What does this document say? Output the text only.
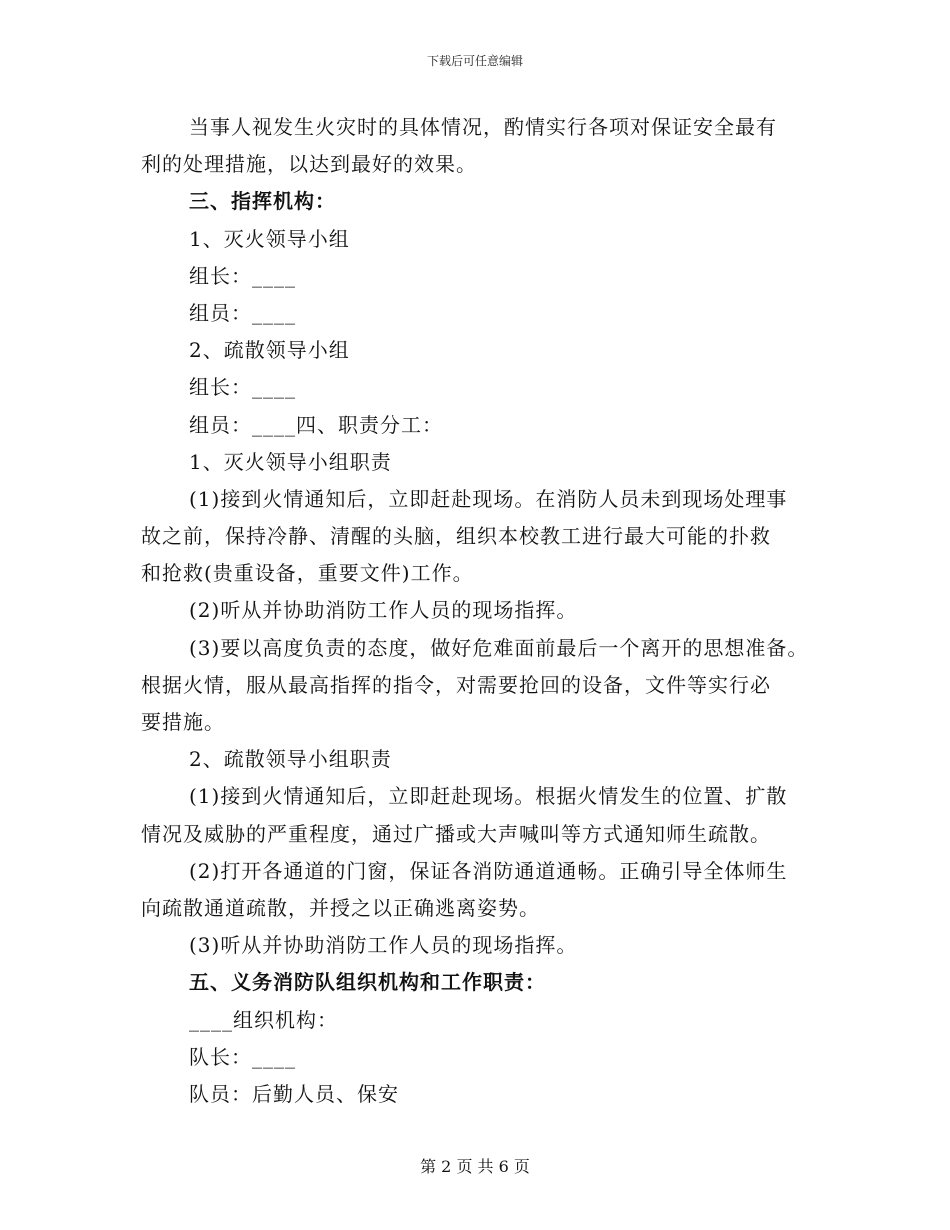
下载后可任意编辑
当事人视发生火灾时的具体情况，酌情实行各项对保证安全最有
利的处理措施，以达到最好的效果。
三、指挥机构：
1、灭火领导小组
组长：____
组员：____
2、疏散领导小组
组长：____
组员：____四、职责分工：
1、灭火领导小组职责
(1)接到火情通知后，立即赶赴现场。在消防人员未到现场处理事
故之前，保持冷静、清醒的头脑，组织本校教工进行最大可能的扑救
和抢救(贵重设备，重要文件)工作。
(2)听从并协助消防工作人员的现场指挥。
(3)要以高度负责的态度，做好危难面前最后一个离开的思想准备。
根据火情，服从最高指挥的指令，对需要抢回的设备，文件等实行必
要措施。
2、疏散领导小组职责
(1)接到火情通知后，立即赶赴现场。根据火情发生的位置、扩散
情况及威胁的严重程度，通过广播或大声喊叫等方式通知师生疏散。
(2)打开各通道的门窗，保证各消防通道通畅。正确引导全体师生
向疏散通道疏散，并授之以正确逃离姿势。
(3)听从并协助消防工作人员的现场指挥。
五、义务消防队组织机构和工作职责：
____组织机构：
队长：____
队员：后勤人员、保安
第 2 页 共 6 页
